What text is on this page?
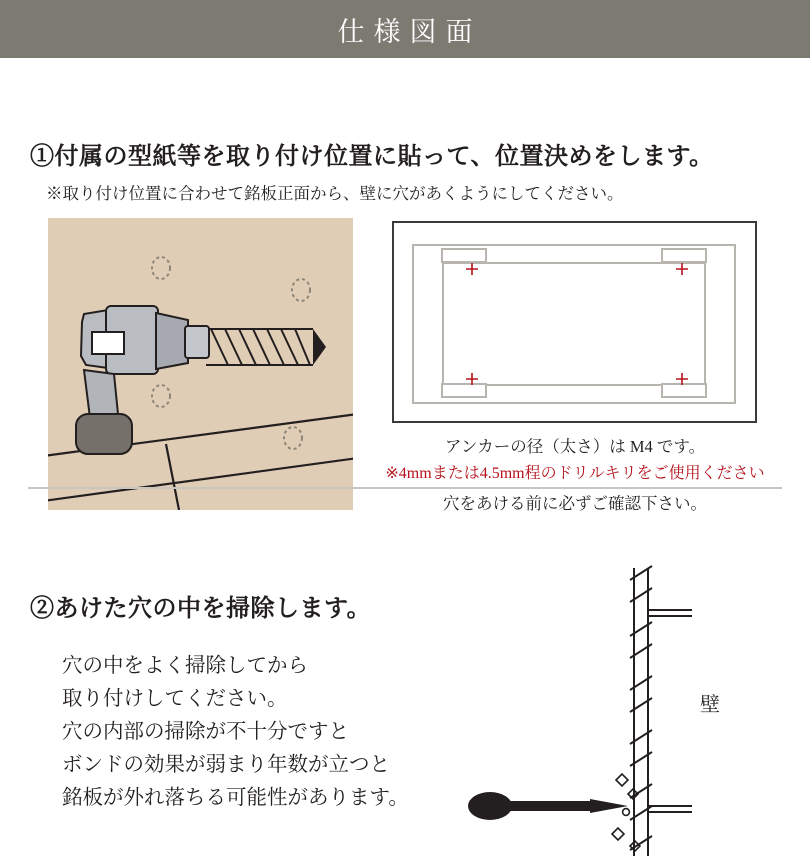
仕様図面
①付属の型紙等を取り付け位置に貼って、位置決めをします。
※取り付け位置に合わせて銘板正面から、壁に穴があくようにしてください。
アンカーの径（太さ）は M4 です。
※4mmまたは4.5mm程のドリルキリをご使用ください
穴をあける前に必ずご確認下さい。
②あけた穴の中を掃除します。
穴の中をよく掃除してから
取り付けしてください。
穴の内部の掃除が不十分ですと
ボンドの効果が弱まり年数が立つと
銘板が外れ落ちる可能性があります。
壁
